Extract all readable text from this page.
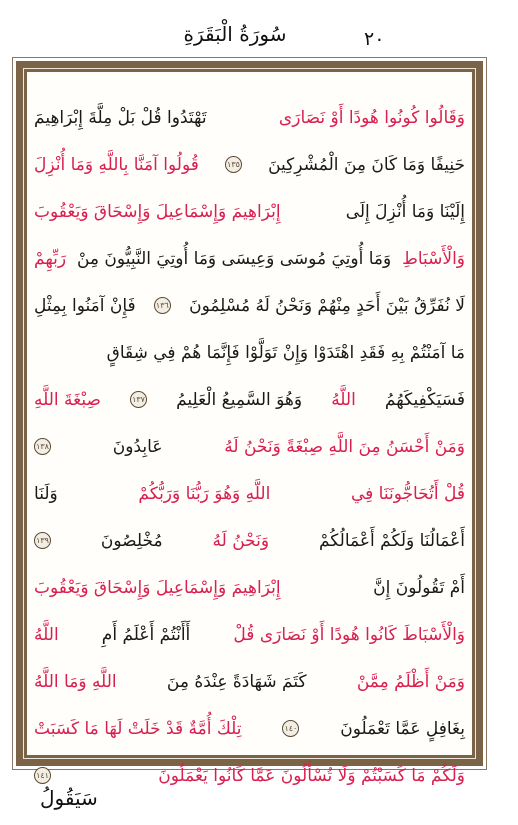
٢٠
سُورَةُ الْبَقَرَةِ
وَقَالُوا كُونُوا هُودًا أَوْ نَصَارَى
تَهْتَدُوا قُلْ بَلْ مِلَّةَ إِبْرَاهِيمَ
حَنِيفًا وَمَا كَانَ مِنَ الْمُشْرِكِينَ
١٣٥
قُولُوا آمَنَّا بِاللَّهِ وَمَا أُنْزِلَ
إِلَيْنَا وَمَا أُنْزِلَ إِلَى
إِبْرَاهِيمَ وَإِسْمَاعِيلَ وَإِسْحَاقَ وَيَعْقُوبَ
وَالْأَسْبَاطِ
وَمَا أُوتِيَ مُوسَى وَعِيسَى وَمَا أُوتِيَ النَّبِيُّونَ مِنْ
رَبِّهِمْ
لَا نُفَرِّقُ بَيْنَ أَحَدٍ مِنْهُمْ وَنَحْنُ لَهُ مُسْلِمُونَ
١٣٦
فَإِنْ آمَنُوا بِمِثْلِ
مَا آمَنْتُمْ بِهِ فَقَدِ اهْتَدَوْا وَإِنْ تَوَلَّوْا فَإِنَّمَا هُمْ فِي شِقَاقٍ
فَسَيَكْفِيكَهُمُ
اللَّهُ
وَهُوَ السَّمِيعُ الْعَلِيمُ
١٣٧
صِبْغَةَ اللَّهِ
وَمَنْ أَحْسَنُ مِنَ اللَّهِ صِبْغَةً وَنَحْنُ لَهُ
عَابِدُونَ
١٣٨
قُلْ أَتُحَاجُّونَنَا فِي
اللَّهِ وَهُوَ رَبُّنَا وَرَبُّكُمْ
وَلَنَا
أَعْمَالُنَا وَلَكُمْ أَعْمَالُكُمْ
وَنَحْنُ لَهُ
مُخْلِصُونَ
١٣٩
أَمْ تَقُولُونَ إِنَّ
إِبْرَاهِيمَ وَإِسْمَاعِيلَ وَإِسْحَاقَ وَيَعْقُوبَ
وَالْأَسْبَاطَ كَانُوا هُودًا أَوْ نَصَارَى قُلْ
أَأَنْتُمْ أَعْلَمُ أَمِ
اللَّهُ
وَمَنْ أَظْلَمُ مِمَّنْ
كَتَمَ شَهَادَةً عِنْدَهُ مِنَ
اللَّهِ وَمَا اللَّهُ
بِغَافِلٍ عَمَّا تَعْمَلُونَ
١٤٠
تِلْكَ أُمَّةٌ قَدْ خَلَتْ لَهَا مَا كَسَبَتْ
وَلَكُمْ مَا كَسَبْتُمْ وَلَا تُسْأَلُونَ عَمَّا كَانُوا يَعْمَلُونَ
١٤١
سَيَقُولُ
